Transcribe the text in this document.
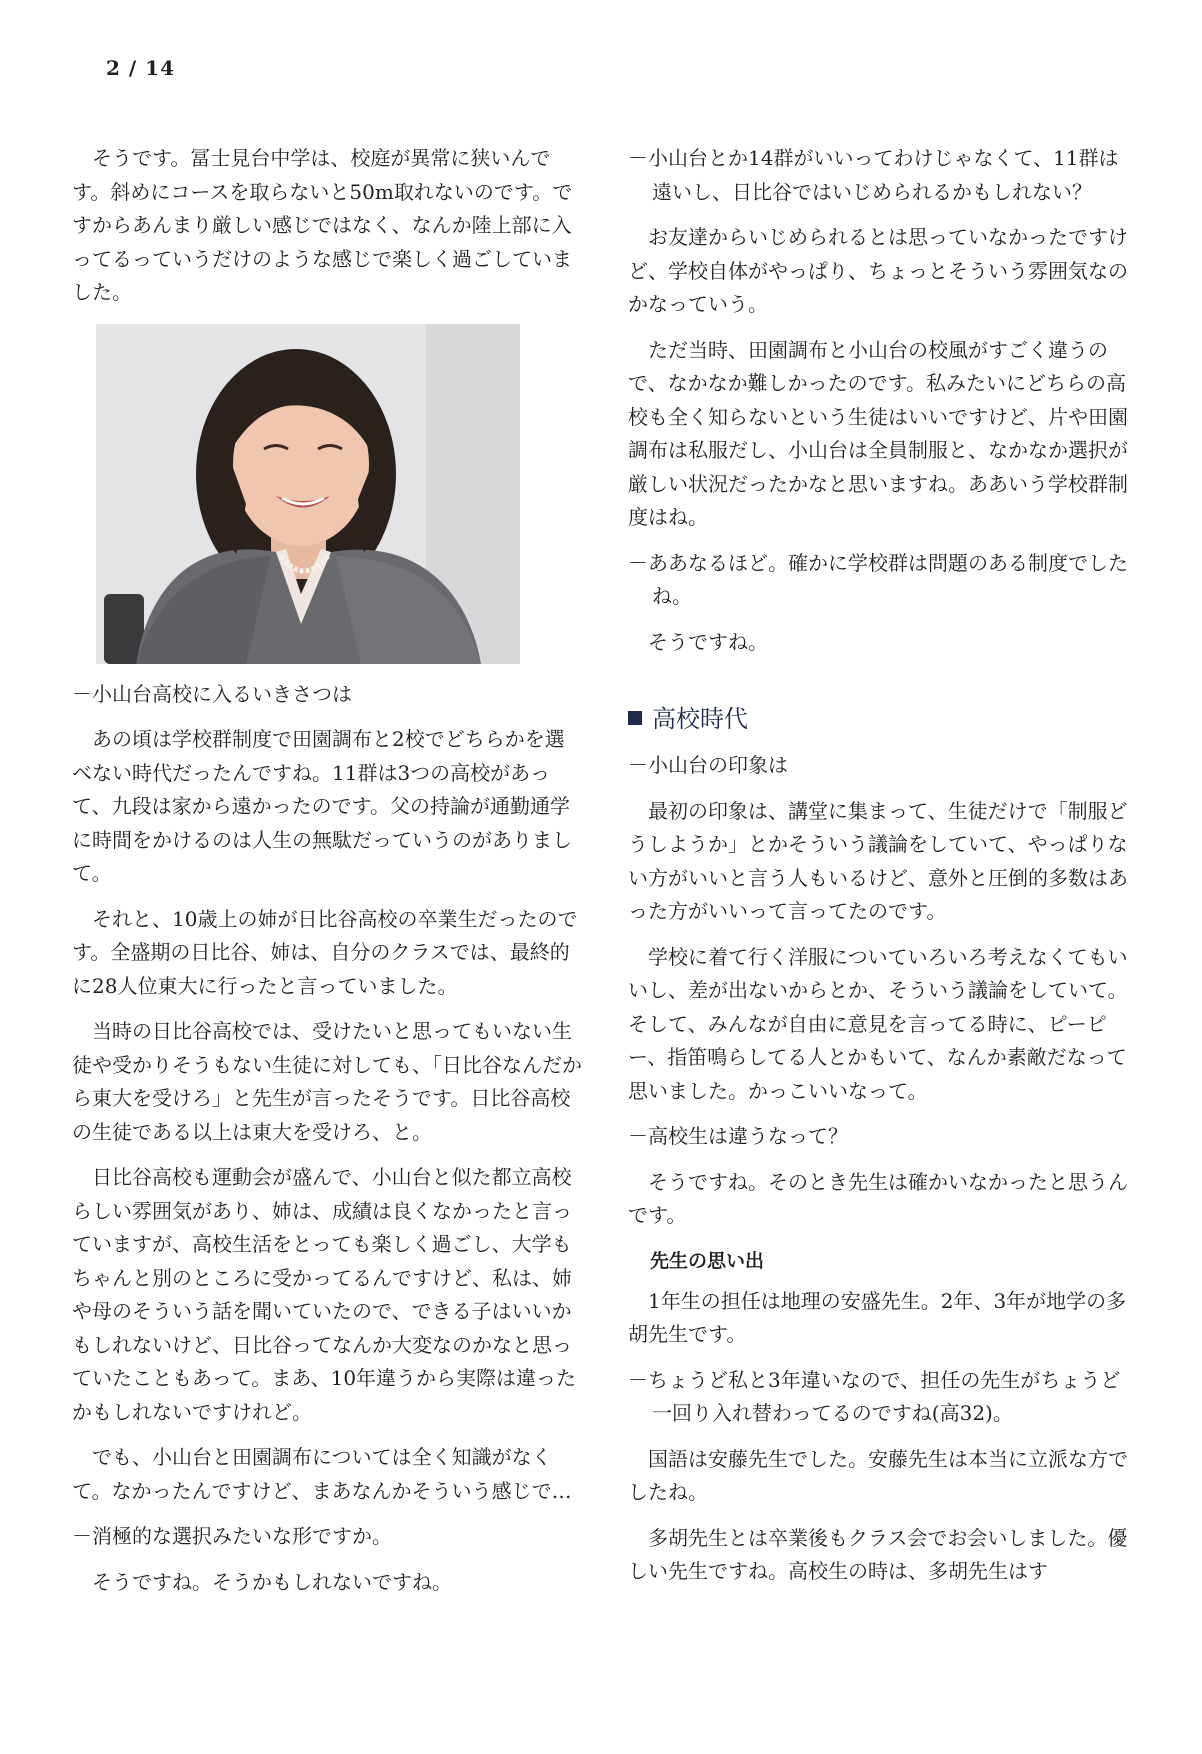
2 / 14

そうです。冨士見台中学は、校庭が異常に狭いんです。斜めにコースを取らないと50m取れないのです。ですからあんまり厳しい感じではなく、なんか陸上部に入ってるっていうだけのような感じで楽しく過ごしていました。

－小山台高校に入るいきさつは

あの頃は学校群制度で田園調布と2校でどちらかを選べない時代だったんですね。11群は3つの高校があって、九段は家から遠かったのです。父の持論が通勤通学に時間をかけるのは人生の無駄だっていうのがありまして。

それと、10歳上の姉が日比谷高校の卒業生だったのです。全盛期の日比谷、姉は、自分のクラスでは、最終的に28人位東大に行ったと言っていました。

当時の日比谷高校では、受けたいと思ってもいない生徒や受かりそうもない生徒に対しても、「日比谷なんだから東大を受けろ」と先生が言ったそうです。日比谷高校の生徒である以上は東大を受けろ、と。

日比谷高校も運動会が盛んで、小山台と似た都立高校らしい雰囲気があり、姉は、成績は良くなかったと言っていますが、高校生活をとっても楽しく過ごし、大学もちゃんと別のところに受かってるんですけど、私は、姉や母のそういう話を聞いていたので、できる子はいいかもしれないけど、日比谷ってなんか大変なのかなと思っていたこともあって。まあ、10年違うから実際は違ったかもしれないですけれど。

でも、小山台と田園調布については全く知識がなくて。なかったんですけど、まあなんかそういう感じで…

－消極的な選択みたいな形ですか。

そうですね。そうかもしれないですね。

－小山台とか14群がいいってわけじゃなくて、11群は遠いし、日比谷ではいじめられるかもしれない？

お友達からいじめられるとは思っていなかったですけど、学校自体がやっぱり、ちょっとそういう雰囲気なのかなっていう。

ただ当時、田園調布と小山台の校風がすごく違うので、なかなか難しかったのです。私みたいにどちらの高校も全く知らないという生徒はいいですけど、片や田園調布は私服だし、小山台は全員制服と、なかなか選択が厳しい状況だったかなと思いますね。ああいう学校群制度はね。

－ああなるほど。確かに学校群は問題のある制度でしたね。

そうですね。

高校時代

－小山台の印象は

最初の印象は、講堂に集まって、生徒だけで「制服どうしようか」とかそういう議論をしていて、やっぱりない方がいいと言う人もいるけど、意外と圧倒的多数はあった方がいいって言ってたのです。

学校に着て行く洋服についていろいろ考えなくてもいいし、差が出ないからとか、そういう議論をしていて。そして、みんなが自由に意見を言ってる時に、ピーピー、指笛鳴らしてる人とかもいて、なんか素敵だなって思いました。かっこいいなって。

－高校生は違うなって？

そうですね。そのとき先生は確かいなかったと思うんです。

先生の思い出

1年生の担任は地理の安盛先生。2年、3年が地学の多胡先生です。

－ちょうど私と3年違いなので、担任の先生がちょうど一回り入れ替わってるのですね(高32)。

国語は安藤先生でした。安藤先生は本当に立派な方でしたね。

多胡先生とは卒業後もクラス会でお会いしました。優しい先生ですね。高校生の時は、多胡先生はす
